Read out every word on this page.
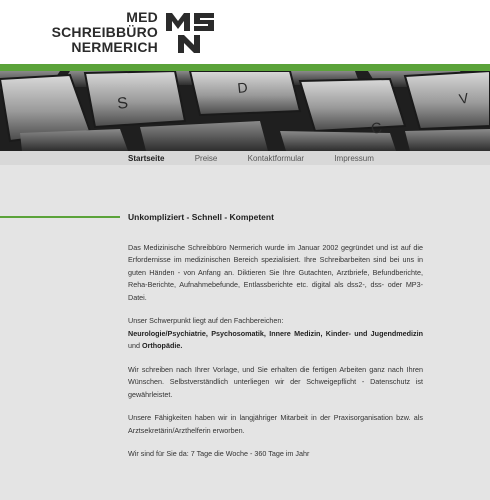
MED
SCHREIBBÜRO
NERMERICH
S
D
C
V
Startseite	Preise	Kontaktformular	Impressum
Unkompliziert - Schnell - Kompetent

Das Medizinische Schreibbüro Nermerich wurde im Januar 2002 gegründet und ist auf die Erfordernisse im medizinischen Bereich spezialisiert. Ihre Schreibarbeiten sind bei uns in guten Händen - von Anfang an. Diktieren Sie Ihre Gutachten, Arztbriefe, Befundberichte, Reha-Berichte, Aufnahmebefunde, Entlassberichte etc. digital als dss2-, dss- oder MP3-Datei.

Unser Schwerpunkt liegt auf den Fachbereichen:
Neurologie/Psychiatrie, Psychosomatik, Innere Medizin, Kinder- und Jugendmedizin und Orthopädie.

Wir schreiben nach Ihrer Vorlage, und Sie erhalten die fertigen Arbeiten ganz nach Ihren Wünschen. Selbstverständlich unterliegen wir der Schweigepflicht - Datenschutz ist gewährleistet.

Unsere Fähigkeiten haben wir in langjähriger Mitarbeit in der Praxisorganisation bzw. als Arztsekretärin/Arzthelferin erworben.

Wir sind für Sie da: 7 Tage die Woche - 360 Tage im Jahr
